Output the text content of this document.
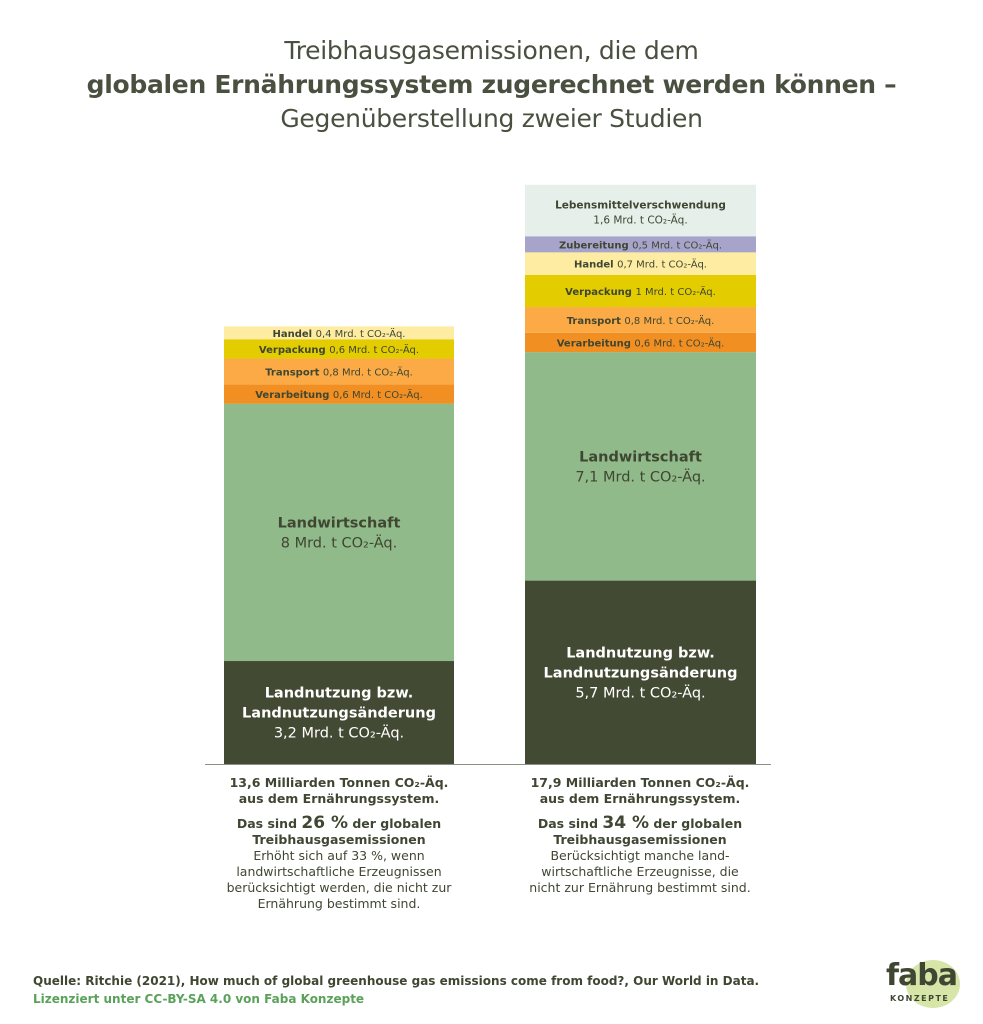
Treibhausgasemissionen, die dem
globalen Ernährungssystem zugerechnet werden können –
Gegenüberstellung zweier Studien
Landnutzung bzw.
Landnutzungsänderung
3,2 Mrd. t CO₂-Äq.
Landwirtschaft
8 Mrd. t CO₂-Äq.
Verarbeitung 0,6 Mrd. t CO₂-Äq.
Transport 0,8 Mrd. t CO₂-Äq.
Verpackung 0,6 Mrd. t CO₂-Äq.
Handel 0,4 Mrd. t CO₂-Äq.
Landnutzung bzw.
Landnutzungsänderung
5,7 Mrd. t CO₂-Äq.
Landwirtschaft
7,1 Mrd. t CO₂-Äq.
Verarbeitung 0,6 Mrd. t CO₂-Äq.
Transport 0,8 Mrd. t CO₂-Äq.
Verpackung 1 Mrd. t CO₂-Äq.
Handel 0,7 Mrd. t CO₂-Äq.
Zubereitung 0,5 Mrd. t CO₂-Äq.
Lebensmittelverschwendung
1,6 Mrd. t CO₂-Äq.
13,6 Milliarden Tonnen CO₂-Äq.
aus dem Ernährungssystem.
Das sind 26 % der globalen
Treibhausgasemissionen
Erhöht sich auf 33 %, wenn
landwirtschaftliche Erzeugnissen
berücksichtigt werden, die nicht zur
Ernährung bestimmt sind.
17,9 Milliarden Tonnen CO₂-Äq.
aus dem Ernährungssystem.
Das sind 34 % der globalen
Treibhausgasemissionen
Berücksichtigt manche land-
wirtschaftliche Erzeugnisse, die
nicht zur Ernährung bestimmt sind.
Quelle: Ritchie (2021), How much of global greenhouse gas emissions come from food?, Our World in Data.
Lizenziert unter CC-BY-SA 4.0 von Faba Konzepte
faba
KONZEPTE
